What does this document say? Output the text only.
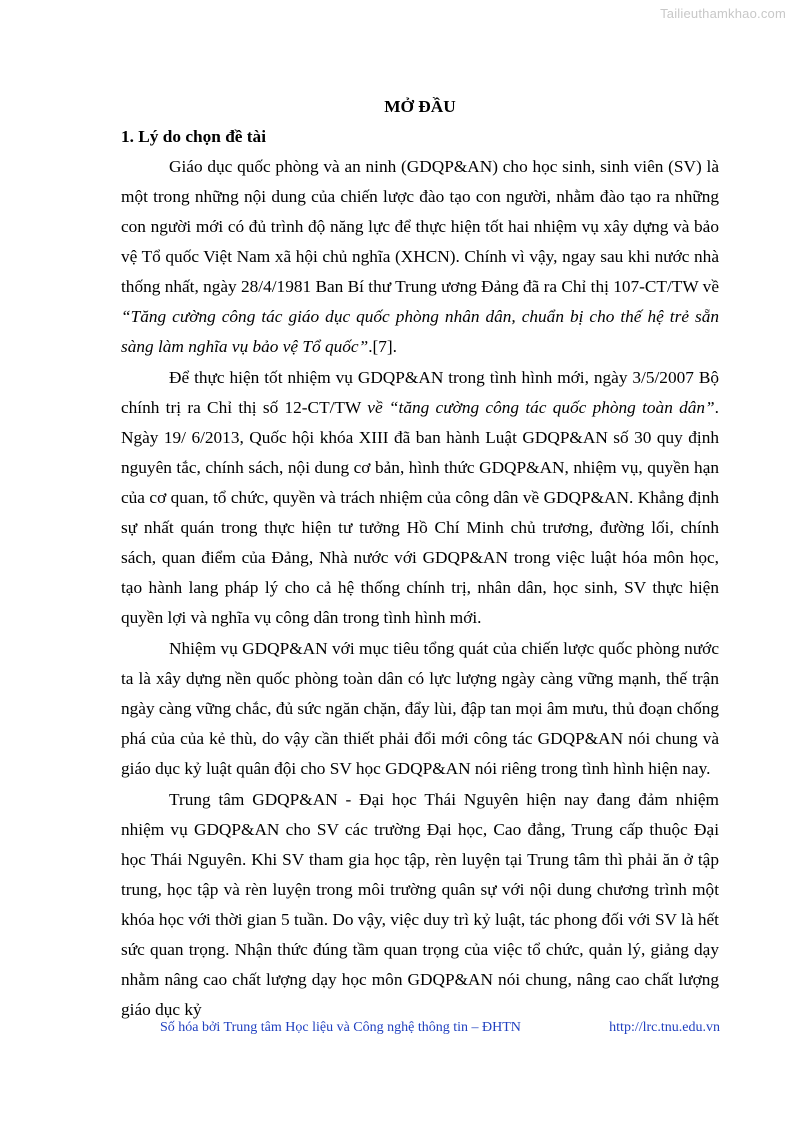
Tailieuthamkhao.com
MỞ ĐẦU
1. Lý do chọn đề tài

Giáo dục quốc phòng và an ninh (GDQP&AN) cho học sinh, sinh viên (SV) là một trong những nội dung của chiến lược đào tạo con người, nhằm đào tạo ra những con người mới có đủ trình độ năng lực để thực hiện tốt hai nhiệm vụ xây dựng và bảo vệ Tổ quốc Việt Nam xã hội chủ nghĩa (XHCN). Chính vì vậy, ngay sau khi nước nhà thống nhất, ngày 28/4/1981 Ban Bí thư Trung ương Đảng đã ra Chỉ thị 107-CT/TW về “Tăng cường công tác giáo dục quốc phòng nhân dân, chuẩn bị cho thế hệ trẻ sẵn sàng làm nghĩa vụ bảo vệ Tổ quốc”.[7].

Để thực hiện tốt nhiệm vụ GDQP&AN trong tình hình mới, ngày 3/5/2007 Bộ chính trị ra Chỉ thị số 12-CT/TW về “tăng cường công tác quốc phòng toàn dân”. Ngày 19/ 6/2013, Quốc hội khóa XIII đã ban hành Luật GDQP&AN số 30 quy định nguyên tắc, chính sách, nội dung cơ bản, hình thức GDQP&AN, nhiệm vụ, quyền hạn của cơ quan, tổ chức, quyền và trách nhiệm của công dân về GDQP&AN. Khẳng định sự nhất quán trong thực hiện tư tưởng Hồ Chí Minh chủ trương, đường lối, chính sách, quan điểm của Đảng, Nhà nước với GDQP&AN trong việc luật hóa môn học, tạo hành lang pháp lý cho cả hệ thống chính trị, nhân dân, học sinh, SV thực hiện quyền lợi và nghĩa vụ công dân trong tình hình mới.

Nhiệm vụ GDQP&AN với mục tiêu tổng quát của chiến lược quốc phòng nước ta là xây dựng nền quốc phòng toàn dân có lực lượng ngày càng vững mạnh, thế trận ngày càng vững chắc, đủ sức ngăn chặn, đẩy lùi, đập tan mọi âm mưu, thủ đoạn chống phá của của kẻ thù, do vậy cần thiết phải đổi mới công tác GDQP&AN nói chung và giáo dục kỷ luật quân đội cho SV học GDQP&AN nói riêng trong tình hình hiện nay.

Trung tâm GDQP&AN - Đại học Thái Nguyên hiện nay đang đảm nhiệm nhiệm vụ GDQP&AN cho SV các trường Đại học, Cao đẳng, Trung cấp thuộc Đại học Thái Nguyên. Khi SV tham gia học tập, rèn luyện tại Trung tâm thì phải ăn ở tập trung, học tập và rèn luyện trong môi trường quân sự với nội dung chương trình một khóa học với thời gian 5 tuần. Do vậy, việc duy trì kỷ luật, tác phong đối với SV là hết sức quan trọng. Nhận thức đúng tầm quan trọng của việc tổ chức, quản lý, giảng dạy nhằm nâng cao chất lượng dạy học môn GDQP&AN nói chung, nâng cao chất lượng giáo dục kỷ

Số hóa bởi Trung tâm Học liệu và Công nghệ thông tin – ĐHTN	http://lrc.tnu.edu.vn
